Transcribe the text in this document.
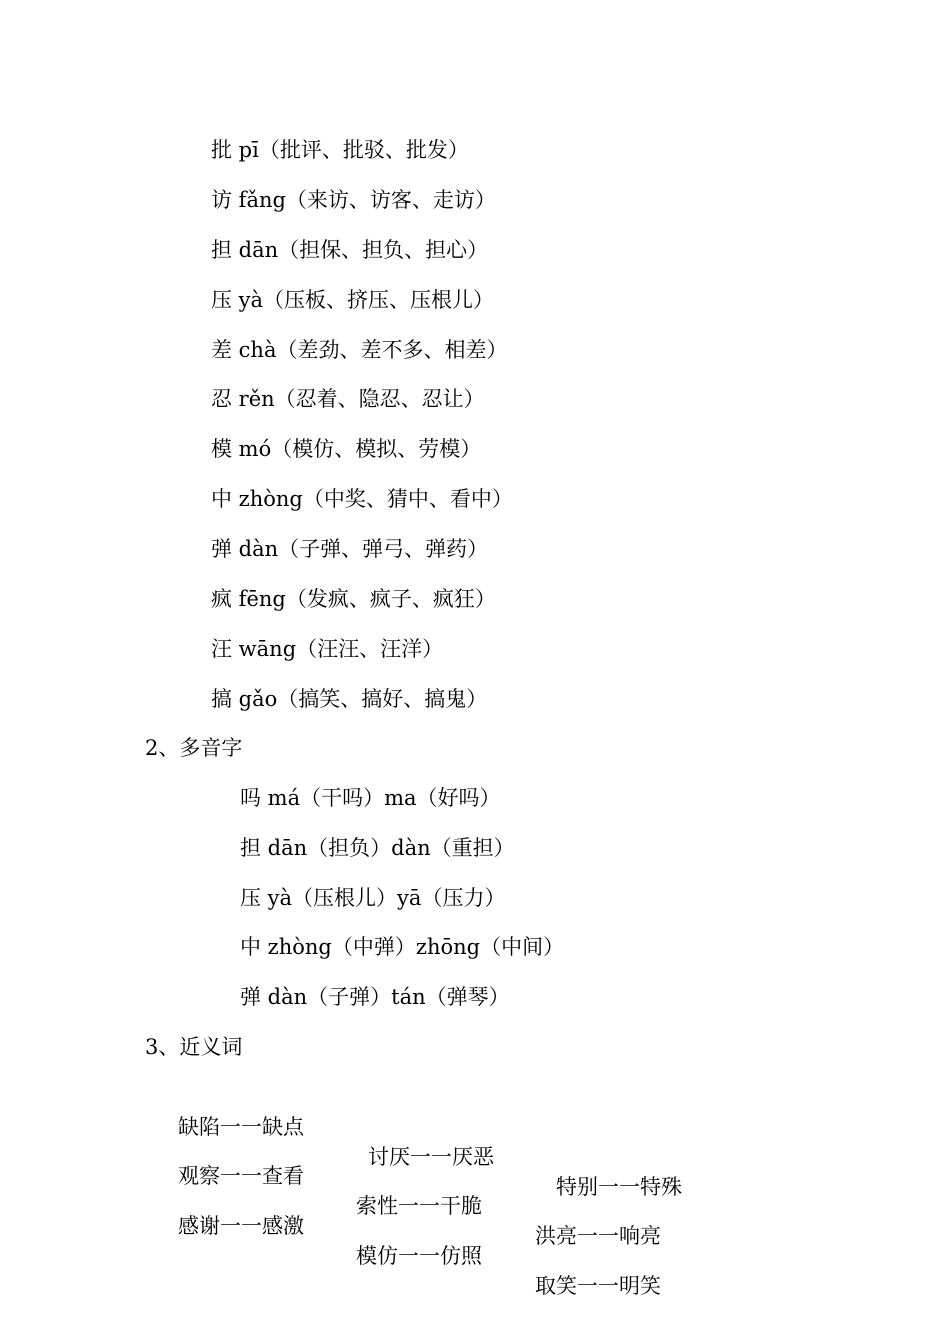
批 pī（批评、批驳、批发）
访 fǎng（来访、访客、走访）
担 dān（担保、担负、担心）
压 yà（压板、挤压、压根儿）
差 chà（差劲、差不多、相差）
忍 rěn（忍着、隐忍、忍让）
模 mó（模仿、模拟、劳模）
中 zhòng（中奖、猜中、看中）
弹 dàn（子弹、弹弓、弹药）
疯 fēng（发疯、疯子、疯狂）
汪 wāng（汪汪、汪洋）
搞 gǎo（搞笑、搞好、搞鬼）
2、多音字
吗 má（干吗）ma（好吗）
担 dān（担负）dàn（重担）
压 yà（压根儿）yā（压力）
中 zhòng（中弹）zhōng（中间）
弹 dàn（子弹）tán（弹琴）
3、近义词

缺陷一一缺点

讨厌一一厌恶

特别一一特殊

观察一一查看

索性一一干脆

洪亮一一响亮

感谢一一感激

模仿一一仿照

取笑一一明笑
